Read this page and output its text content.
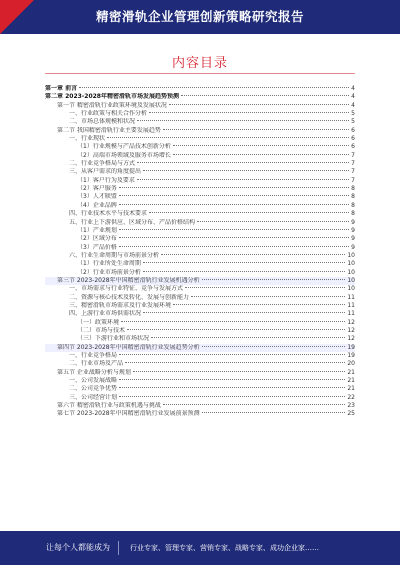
精密滑轨企业管理创新策略研究报告
内容目录
第一章 前言	4
第二章 2023-2028年精密滑轨市场发展趋势预测	4
第一节 精密滑轨行业政策环境及发展状况	4
一、行业政策与相关合作分析	5
二、市场总体规模和状况	5
第二节 我国精密滑轨行业主要发展趋势	6
一、行业现状	6
（1）行业规模与产品技术创新分析	6
（2）高端市场领域及服务市场增长	7
二、行业竞争格局与方式	7
三、从客户需求的角度提出	7
（1）客户行为及要求	7
（2）客户服务	8
（3）人才联盟	8
（4）企业品牌	8
四、行业技术水平与技术要求	8
五、行业上下游供应、区域分布、产品价格结构	9
（1）产业规划	9
（2）区域分布	9
（3）产品价格	9
六、行业生命周期与市场前景分析	10
（1）行业所处生命周期	10
（2）行业市场前景分析	10
第三节 2023-2028年中国精密滑轨行业发展机遇分析	10
一、市场需求与行业特征、竞争与发展方式	10
二、资源与核心技术及转化、发展与创新能力	11
三、精密滑轨市场需求及行业发展环境	11
四、上游行业市场供需状况	11
（一）政策环境	12
（二）市场与技术	12
（三）下游行业和市场状况	12
第四节 2023-2028年中国精密滑轨行业发展趋势分析	19
一、行业竞争格局	19
二、行业市场及产品	20
第五节 企业战略分析与规划	21
一、公司发展战略	21
二、公司竞争优势	21
三、公司经营计划	22
第六节 精密滑轨行业与政策机遇与挑战	23
第七节 2023-2028年中国精密滑轨行业发展前景预测	25
让每个人都能成为	行业专家、管理专家、营销专家、战略专家、成功企业家……
